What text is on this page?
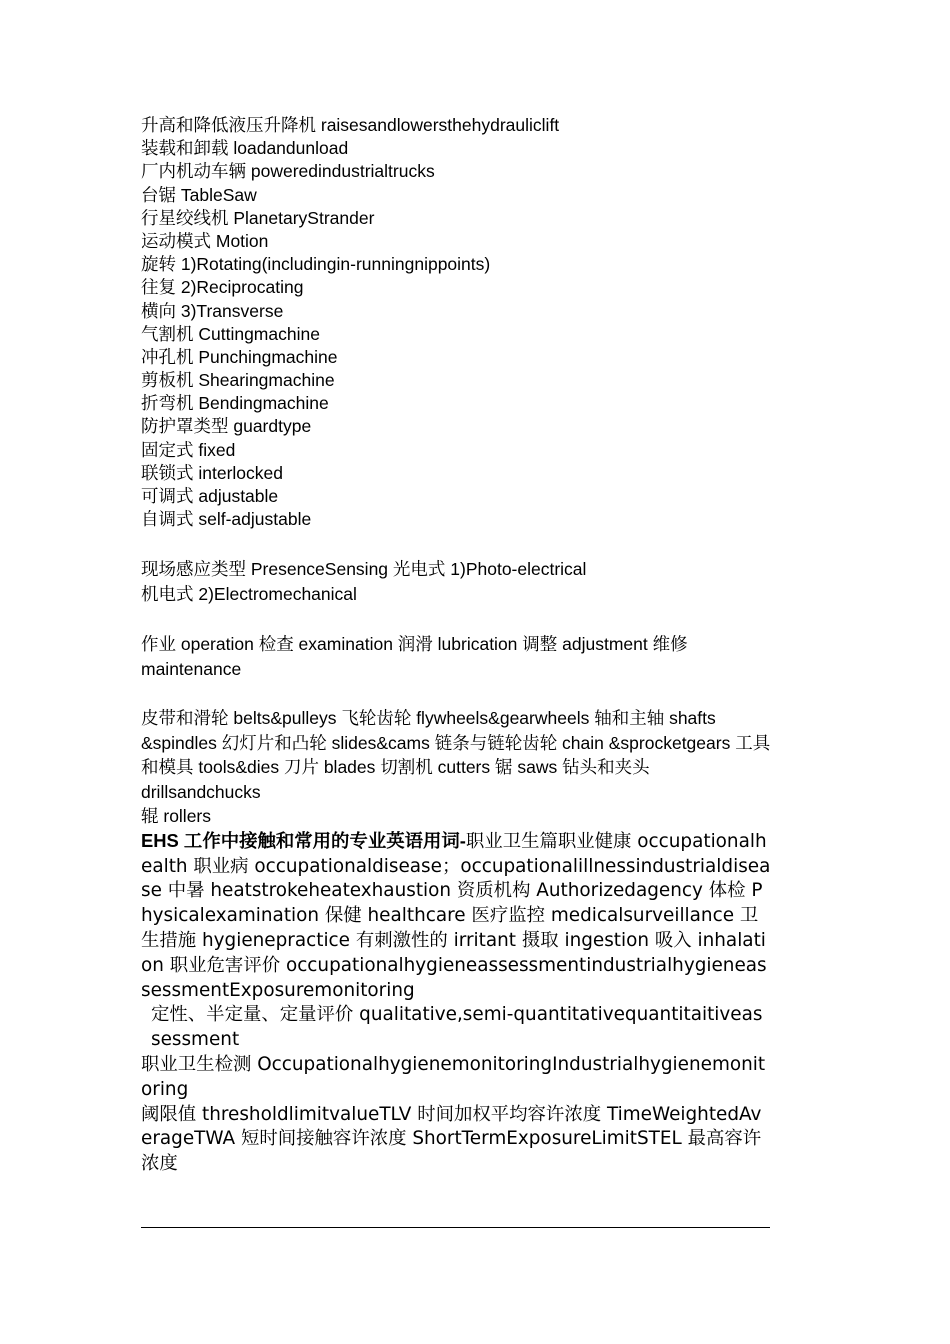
升高和降低液压升降机 raisesandlowersthehydrauliclift
装载和卸载 loadandunload
厂内机动车辆 poweredindustrialtrucks
台锯 TableSaw
行星绞线机 PlanetaryStrander
运动模式 Motion
旋转 1)Rotating(includingin-runningnippoints)
往复 2)Reciprocating
横向 3)Transverse
气割机 Cuttingmachine
冲孔机 Punchingmachine
剪板机 Shearingmachine
折弯机 Bendingmachine
防护罩类型 guardtype
固定式 fixed
联锁式 interlocked
可调式 adjustable
自调式 self-adjustable
现场感应类型 PresenceSensing 光电式 1)Photo-electrical
机电式 2)Electromechanical

作业 operation 检查 examination 润滑 lubrication 调整 adjustment 维修 maintenance

皮带和滑轮 belts&pulleys 飞轮齿轮 flywheels&gearwheels 轴和主轴 shafts &spindles 幻灯片和凸轮 slides&cams 链条与链轮齿轮 chain &sprocketgears 工具和模具 tools&dies 刀片 blades 切割机 cutters 锯 saws 钻头和夹头 drillsandchucks

辊 rollers

EHS 工作中接触和常用的专业英语用词-职业卫生篇职业健康 occupationalhealth 职业病 occupationaldisease；occupationalillnessindustrialdisease 中暑 heatstrokeheatexhaustion 资质机构 Authorizedagency 体检 Physicalexamination 保健 healthcare 医疗监控 medicalsurveillance 卫生措施 hygienepractice 有刺激性的 irritant 摄取 ingestion 吸入 inhalation 职业危害评价 occupationalhygieneassessmentindustrialhygieneassessmentExposuremonitoring

定性、半定量、定量评价 qualitative,semi-quantitativequantitaitiveassessment

职业卫生检测 OccupationalhygienemonitoringIndustrialhygienemonitoring

阈限值 thresholdlimitvalueTLV 时间加权平均容许浓度 TimeWeightedAverageTWA 短时间接触容许浓度 ShortTermExposureLimitSTEL 最高容许浓度
